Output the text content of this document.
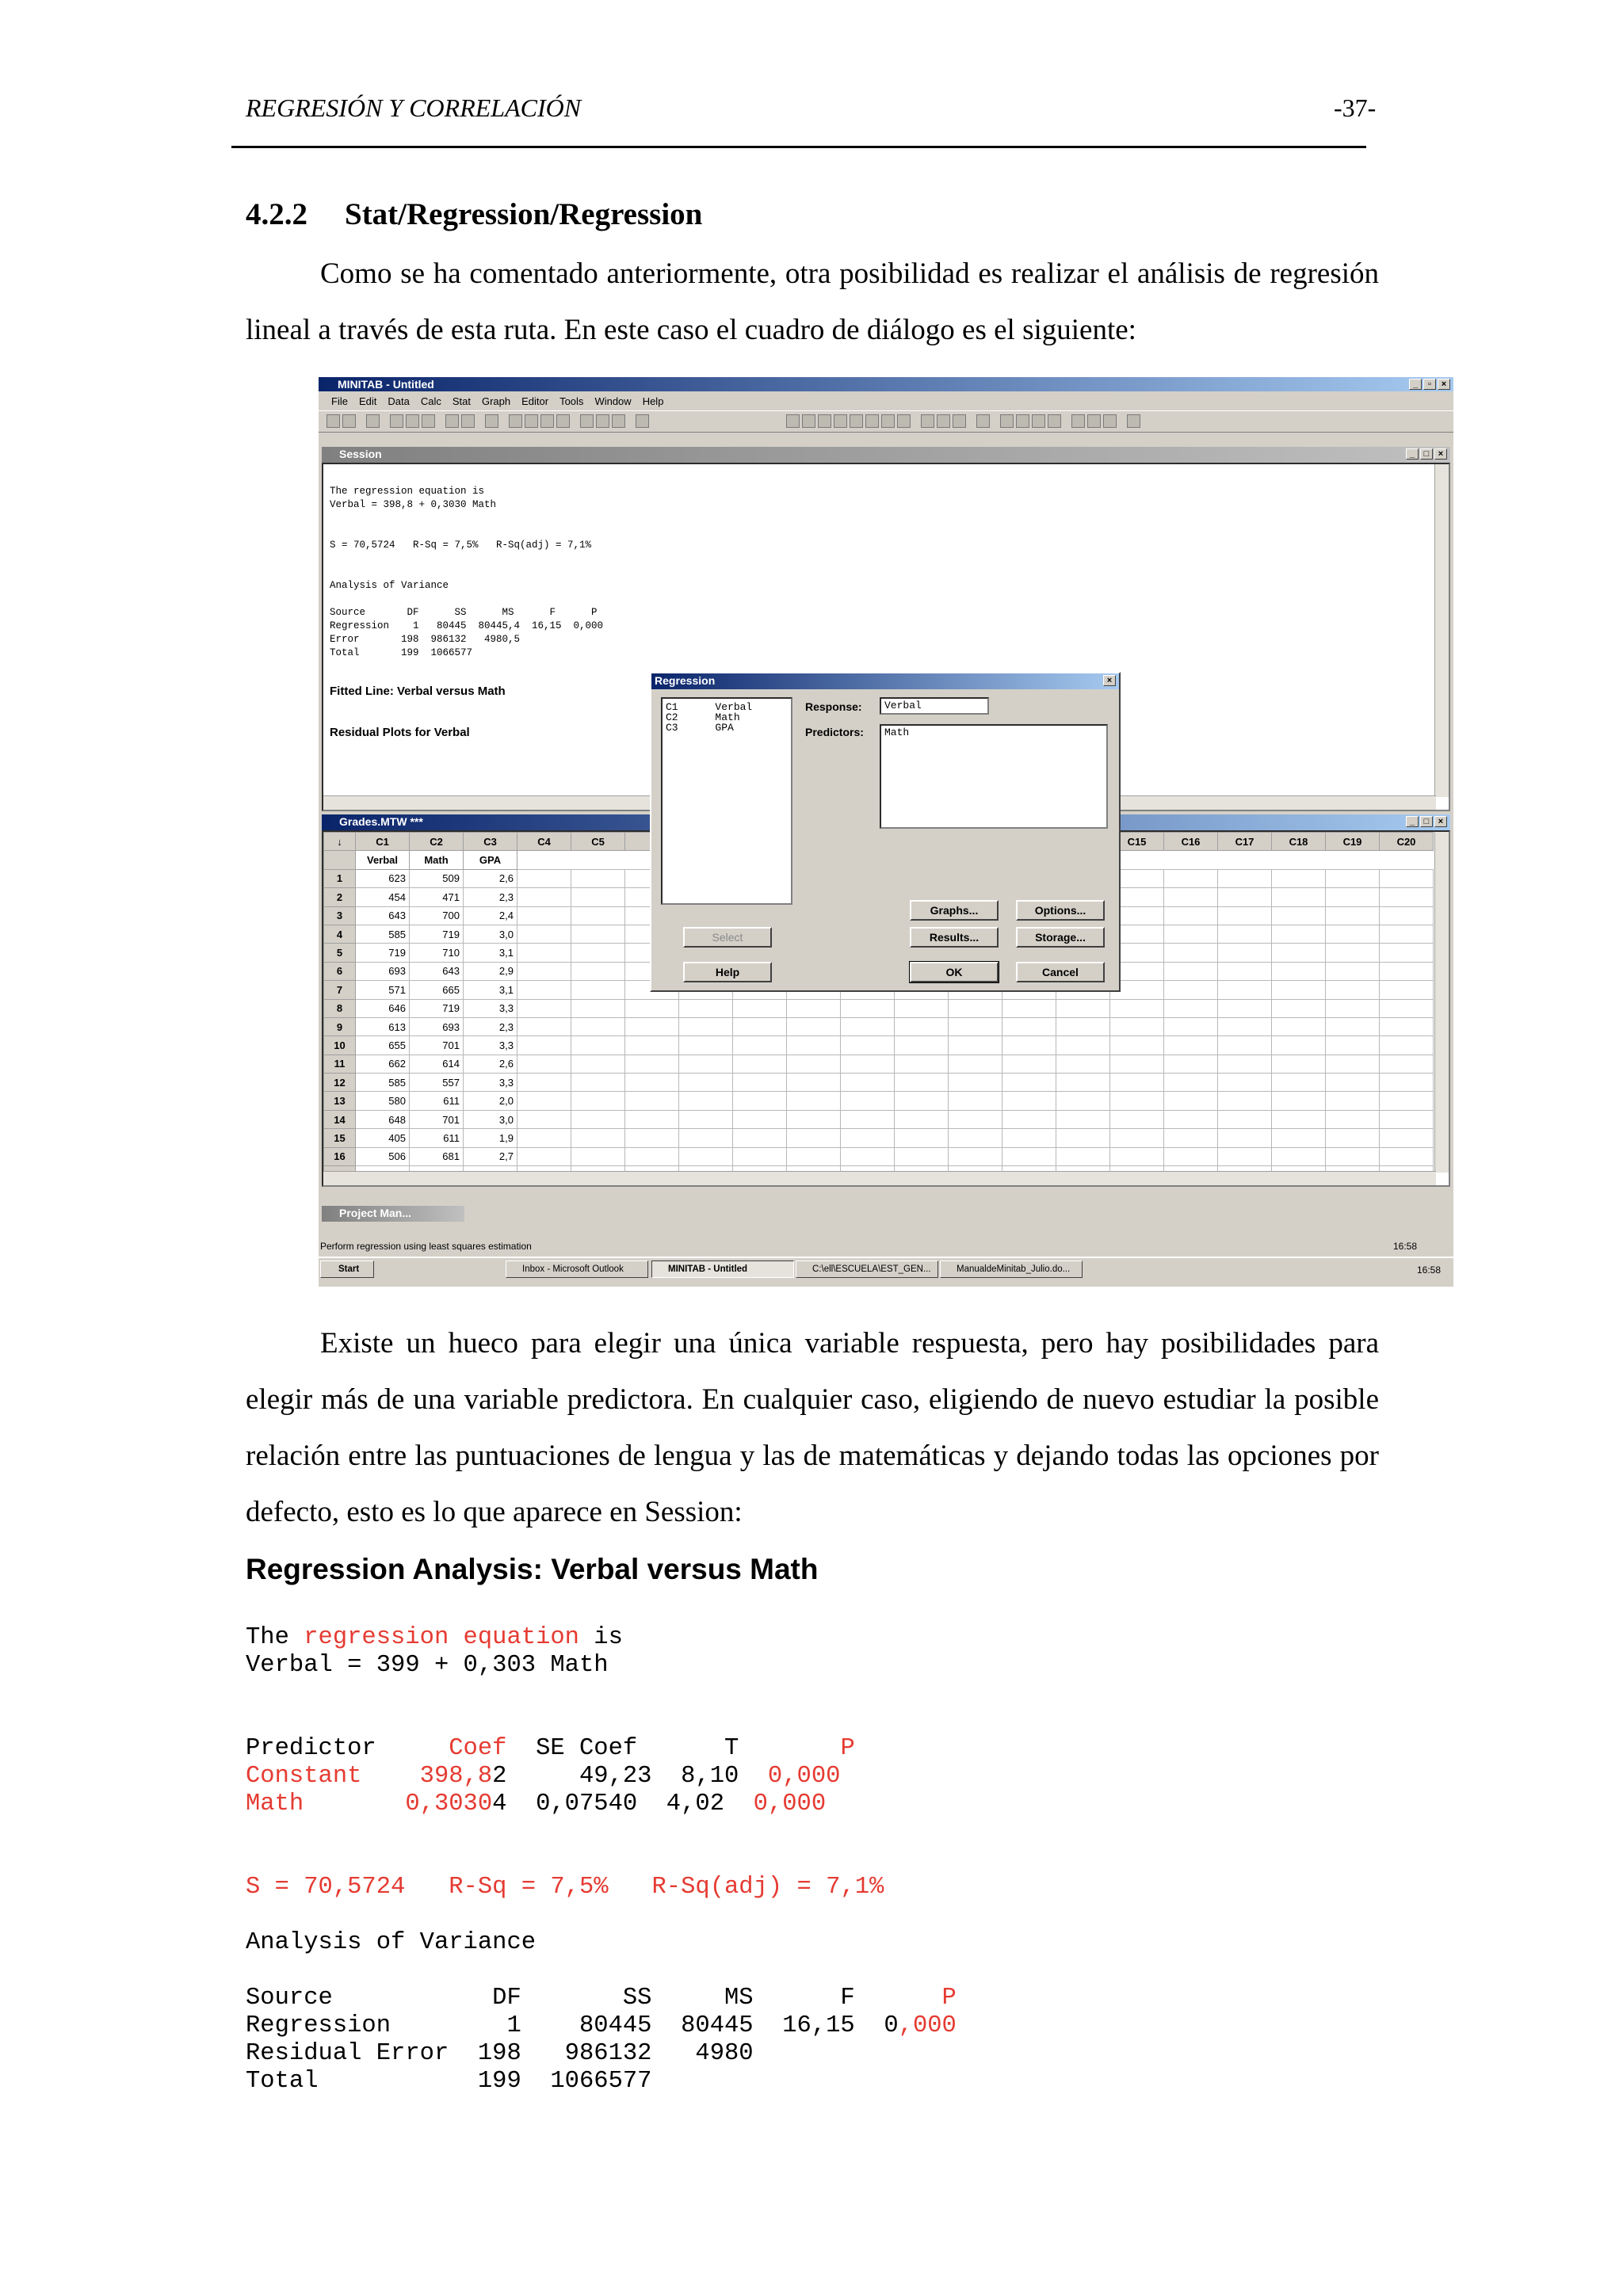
REGRESIÓN Y CORRELACIÓN	-37-
4.2.2 Stat/Regression/Regression

Como se ha comentado anteriormente, otra posibilidad es realizar el análisis de regresión lineal a través de esta ruta. En este caso el cuadro de diálogo es el siguiente:

MINITAB - Untitled	_	▫	×
File Edit Data Calc Stat Graph Editor Tools Window Help
Session	_	□	×
The regression equation is
Verbal = 398,8 + 0,3030 Math

S = 70,5724   R-Sq = 7,5%   R-Sq(adj) = 7,1%

Analysis of Variance

Source       DF      SS      MS      F      P
Regression    1   80445  80445,4  16,15  0,000
Error       198  986132   4980,5
Total       199  1066577
Fitted Line: Verbal versus Math
Residual Plots for Verbal
Grades.MTW ***	_	□	×
↓	C1	C2	C3	C4	C5										C15	C16	C17	C18	C19	C20
	Verbal	Math	GPA																	
1	623	509	2,6																	
2	454	471	2,3																	
3	643	700	2,4																	
4	585	719	3,0																	
5	719	710	3,1																	
6	693	643	2,9																	
7	571	665	3,1																	
8	646	719	3,3																	
9	613	693	2,3																	
10	655	701	3,3																	
11	662	614	2,6																	
12	585	557	3,3																	
13	580	611	2,0																	
14	648	701	3,0																	
15	405	611	1,9																	
16	506	681	2,7																	

Regression	×
C1      Verbal
C2      Math
C3      GPA
Response:	Verbal
Predictors:	Math
Select
Help
Graphs...	Options...
Results...	Storage...
OK	Cancel
Project Man...
Perform regression using least squares estimation	16:58
Start	Inbox - Microsoft Outlook	MINITAB - Untitled	C:\ell\ESCUELA\EST_GEN...	ManualdeMinitab_Julio.do...	16:58

Existe un hueco para elegir una única variable respuesta, pero hay posibilidades para elegir más de una variable predictora. En cualquier caso, eligiendo de nuevo estudiar la posible relación entre las puntuaciones de lengua y las de matemáticas y dejando todas las opciones por defecto, esto es lo que aparece en Session:

Regression Analysis: Verbal versus Math
The regression equation is
Verbal = 399 + 0,303 Math

Predictor     Coef  SE Coef      T       P
Constant    398,82     49,23  8,10  0,000
Math       0,30304  0,07540  4,02  0,000

S = 70,5724   R-Sq = 7,5%   R-Sq(adj) = 7,1%

Analysis of Variance

Source           DF       SS     MS      F      P
Regression        1    80445  80445  16,15  0,000
Residual Error  198   986132   4980
Total           199  1066577
